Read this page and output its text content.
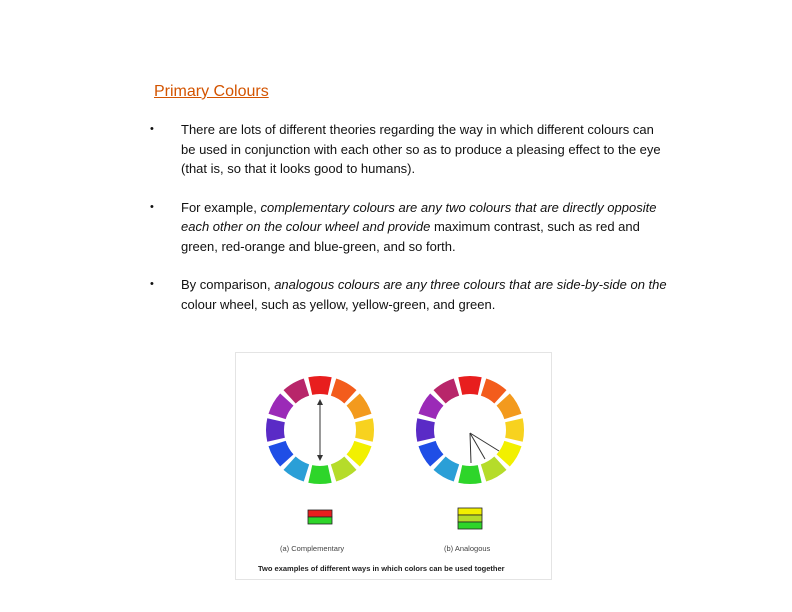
Primary Colours
• There are lots of different theories regarding the way in which different colours can be used in conjunction with each other so as to produce a pleasing effect to the eye (that is, so that it looks good to humans).
• For example, complementary colours are any two colours that are directly opposite each other on the colour wheel and provide maximum contrast, such as red and green, red-orange and blue-green, and so forth.
• By comparison, analogous colours are any three colours that are side-by-side on the colour wheel, such as yellow, yellow-green, and green.
(a) Complementary	(b) Analogous
Two examples of different ways in which colors can be used together
